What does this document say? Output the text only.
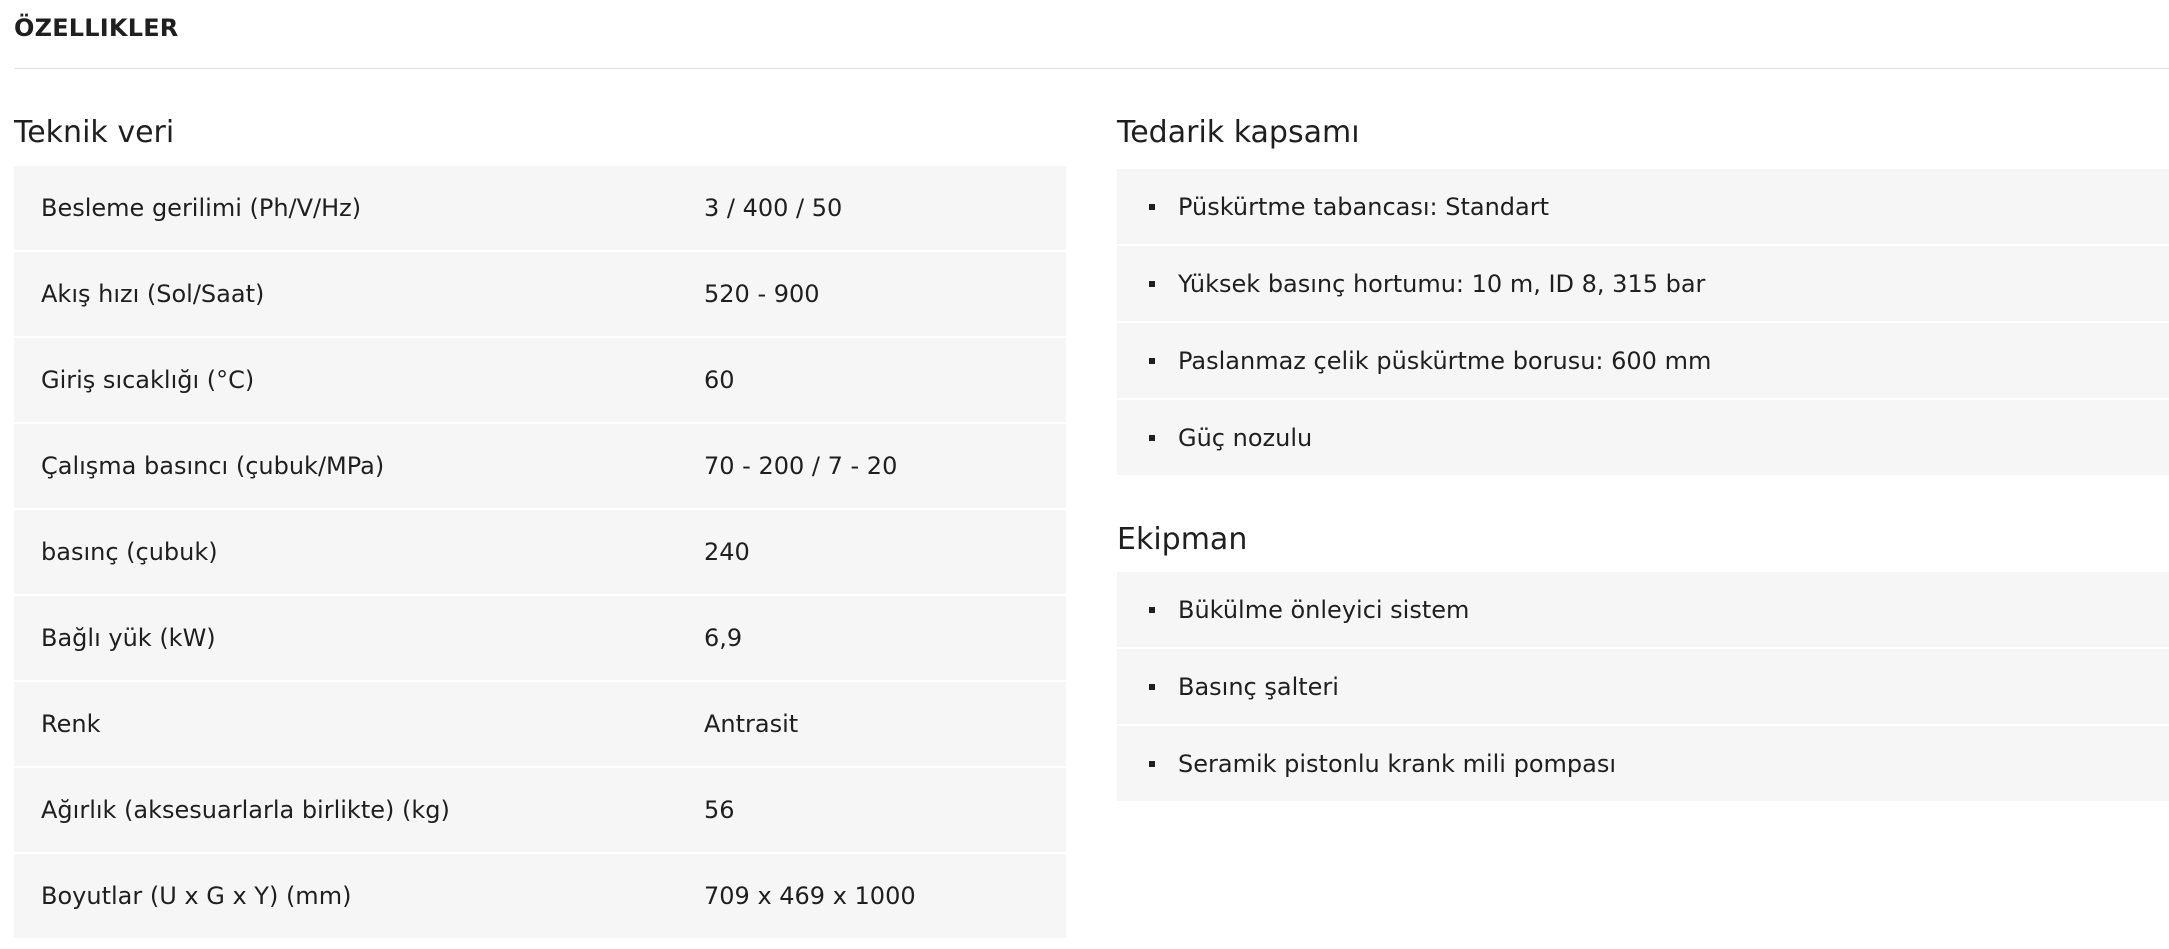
ÖZELLIKLER
Teknik veri
Besleme gerilimi (Ph/V/Hz)	3 / 400 / 50
Akış hızı (Sol/Saat)	520 - 900
Giriş sıcaklığı (°C)	60
Çalışma basıncı (çubuk/MPa)	70 - 200 / 7 - 20
basınç (çubuk)	240
Bağlı yük (kW)	6,9
Renk	Antrasit
Ağırlık (aksesuarlarla birlikte) (kg)	56
Boyutlar (U x G x Y) (mm)	709 x 469 x 1000
Tedarik kapsamı
Püskürtme tabancası: Standart
Yüksek basınç hortumu: 10 m, ID 8, 315 bar
Paslanmaz çelik püskürtme borusu: 600 mm
Güç nozulu
Ekipman
Bükülme önleyici sistem
Basınç şalteri
Seramik pistonlu krank mili pompası
